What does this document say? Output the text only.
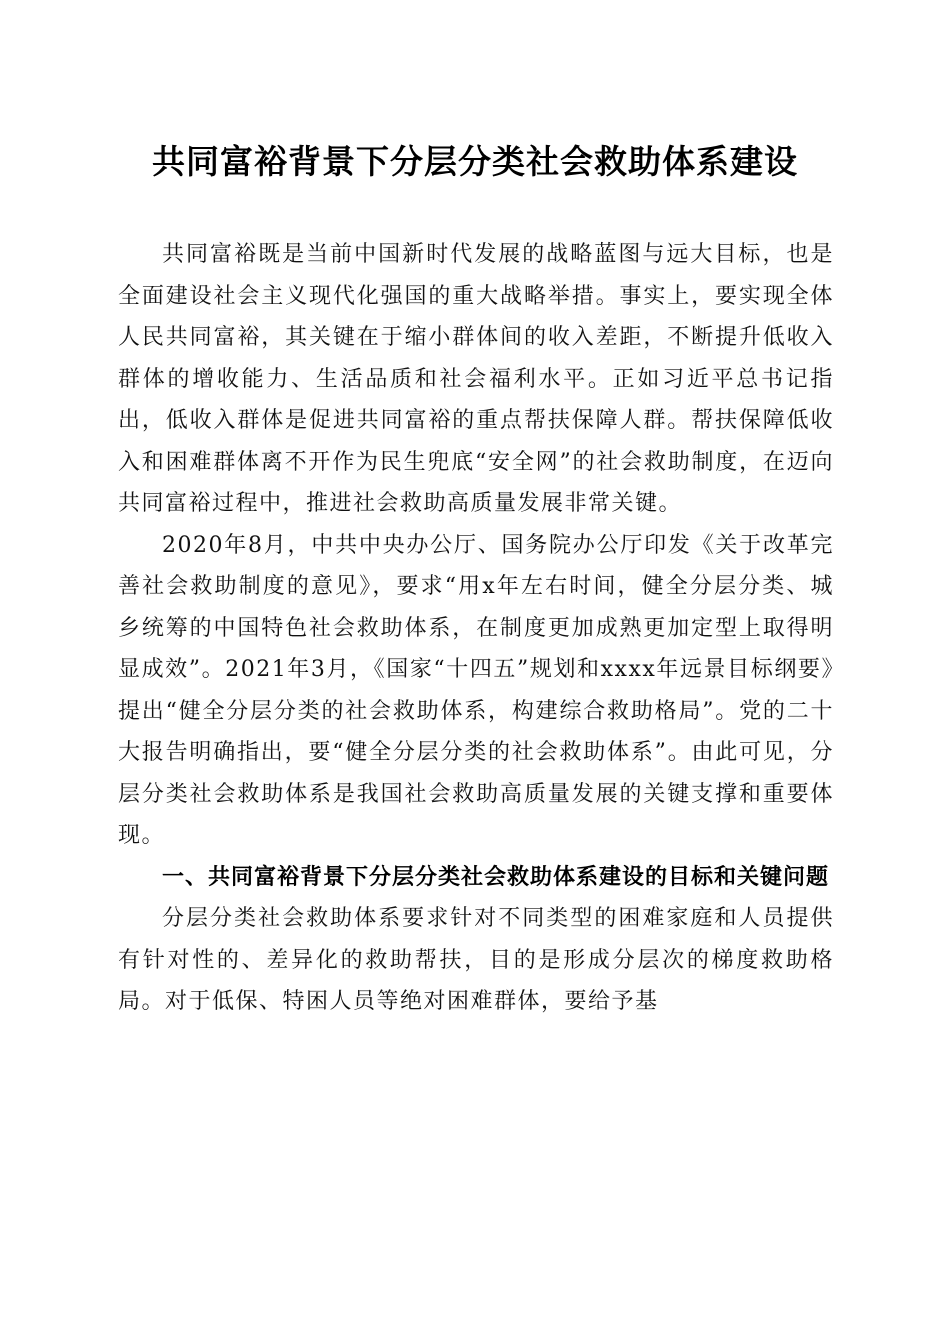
共同富裕背景下分层分类社会救助体系建设

共同富裕既是当前中国新时代发展的战略蓝图与远大目标，也是全面建设社会主义现代化强国的重大战略举措。事实上，要实现全体人民共同富裕，其关键在于缩小群体间的收入差距，不断提升低收入群体的增收能力、生活品质和社会福利水平。正如习近平总书记指出，低收入群体是促进共同富裕的重点帮扶保障人群。帮扶保障低收入和困难群体离不开作为民生兜底“安全网”的社会救助制度，在迈向共同富裕过程中，推进社会救助高质量发展非常关键。

2020年8月，中共中央办公厅、国务院办公厅印发《关于改革完善社会救助制度的意见》，要求“用x年左右时间，健全分层分类、城乡统筹的中国特色社会救助体系，在制度更加成熟更加定型上取得明显成效”。2021年3月，《国家“十四五”规划和xxxx年远景目标纲要》提出“健全分层分类的社会救助体系，构建综合救助格局”。党的二十大报告明确指出，要“健全分层分类的社会救助体系”。由此可见，分层分类社会救助体系是我国社会救助高质量发展的关键支撑和重要体现。

一、共同富裕背景下分层分类社会救助体系建设的目标和关键问题

分层分类社会救助体系要求针对不同类型的困难家庭和人员提供有针对性的、差异化的救助帮扶，目的是形成分层次的梯度救助格局。对于低保、特困人员等绝对困难群体，要给予基
